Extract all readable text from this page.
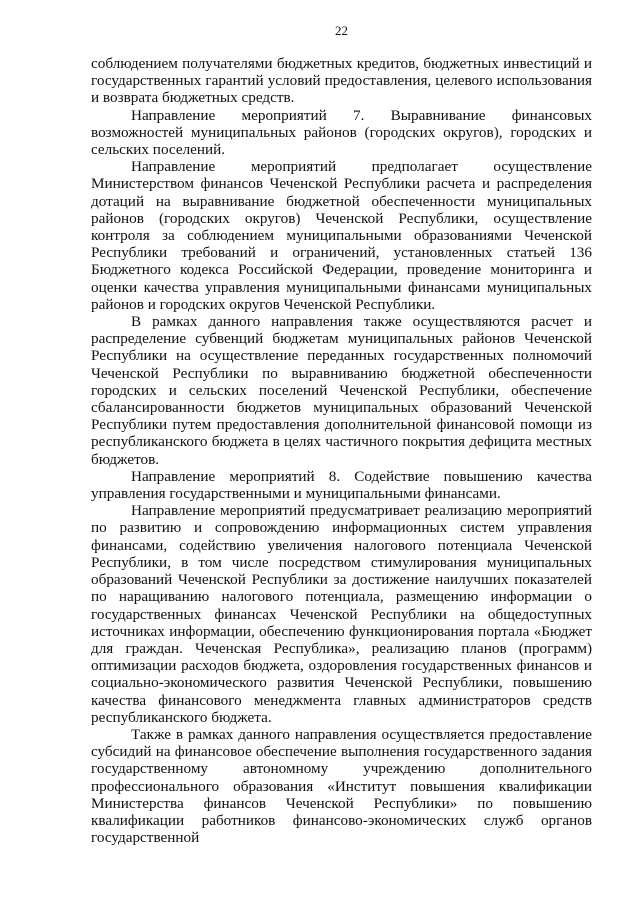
22

соблюдением получателями бюджетных кредитов, бюджетных инвестиций и государственных гарантий условий предоставления, целевого использования и возврата бюджетных средств.

Направление мероприятий 7. Выравнивание финансовых возможностей муниципальных районов (городских округов), городских и сельских поселений.

Направление мероприятий предполагает осуществление Министерством финансов Чеченской Республики расчета и распределения дотаций на выравнивание бюджетной обеспеченности муниципальных районов (городских округов) Чеченской Республики, осуществление контроля за соблюдением муниципальными образованиями Чеченской Республики требований и ограничений, установленных статьей 136 Бюджетного кодекса Российской Федерации, проведение мониторинга и оценки качества управления муниципальными финансами муниципальных районов и городских округов Чеченской Республики.

В рамках данного направления также осуществляются расчет и распределение субвенций бюджетам муниципальных районов Чеченской Республики на осуществление переданных государственных полномочий Чеченской Республики по выравниванию бюджетной обеспеченности городских и сельских поселений Чеченской Республики, обеспечение сбалансированности бюджетов муниципальных образований Чеченской Республики путем предоставления дополнительной финансовой помощи из республиканского бюджета в целях частичного покрытия дефицита местных бюджетов.

Направление мероприятий 8. Содействие повышению качества управления государственными и муниципальными финансами.

Направление мероприятий предусматривает реализацию мероприятий по развитию и сопровождению информационных систем управления финансами, содействию увеличения налогового потенциала Чеченской Республики, в том числе посредством стимулирования муниципальных образований Чеченской Республики за достижение наилучших показателей по наращиванию налогового потенциала, размещению информации о государственных финансах Чеченской Республики на общедоступных источниках информации, обеспечению функционирования портала «Бюджет для граждан. Чеченская Республика», реализацию планов (программ) оптимизации расходов бюджета, оздоровления государственных финансов и социально-экономического развития Чеченской Республики, повышению качества финансового менеджмента главных администраторов средств республиканского бюджета.

Также в рамках данного направления осуществляется предоставление субсидий на финансовое обеспечение выполнения государственного задания государственному автономному учреждению дополнительного профессионального образования «Институт повышения квалификации Министерства финансов Чеченской Республики» по повышению квалификации работников финансово-экономических служб органов государственной
